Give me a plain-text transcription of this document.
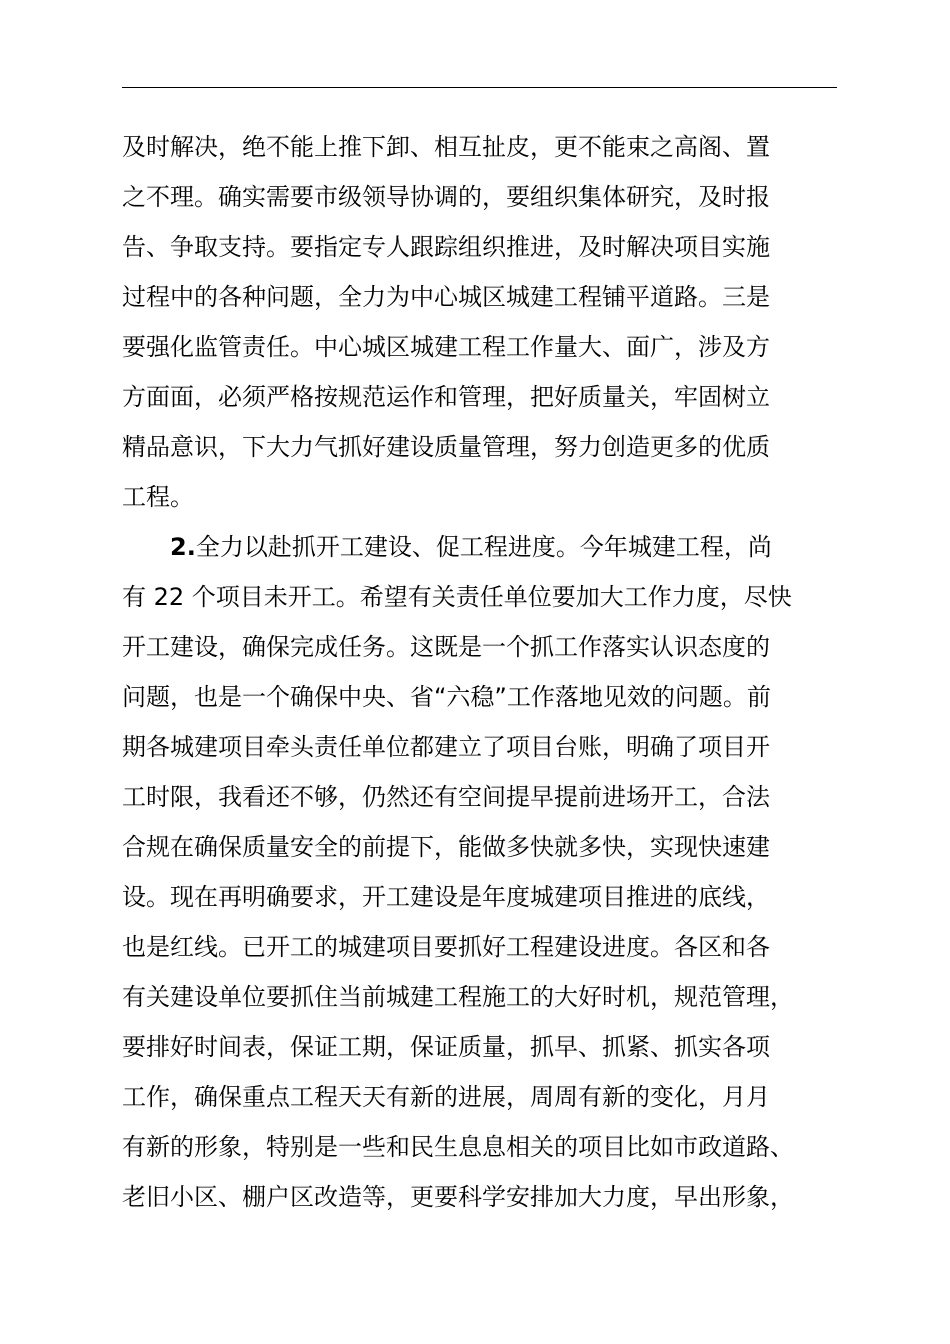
及时解决，绝不能上推下卸、相互扯皮，更不能束之高阁、置
之不理。确实需要市级领导协调的，要组织集体研究，及时报
告、争取支持。要指定专人跟踪组织推进，及时解决项目实施
过程中的各种问题，全力为中心城区城建工程铺平道路。三是
要强化监管责任。中心城区城建工程工作量大、面广，涉及方
方面面，必须严格按规范运作和管理，把好质量关，牢固树立
精品意识，下大力气抓好建设质量管理，努力创造更多的优质
工程。
2.全力以赴抓开工建设、促工程进度。今年城建工程，尚
有 22 个项目未开工。希望有关责任单位要加大工作力度，尽快
开工建设，确保完成任务。这既是一个抓工作落实认识态度的
问题，也是一个确保中央、省“六稳”工作落地见效的问题。前
期各城建项目牵头责任单位都建立了项目台账，明确了项目开
工时限，我看还不够，仍然还有空间提早提前进场开工，合法
合规在确保质量安全的前提下，能做多快就多快，实现快速建
设。现在再明确要求，开工建设是年度城建项目推进的底线，
也是红线。已开工的城建项目要抓好工程建设进度。各区和各
有关建设单位要抓住当前城建工程施工的大好时机，规范管理，
要排好时间表，保证工期，保证质量，抓早、抓紧、抓实各项
工作，确保重点工程天天有新的进展，周周有新的变化，月月
有新的形象，特别是一些和民生息息相关的项目比如市政道路、
老旧小区、棚户区改造等，更要科学安排加大力度，早出形象，
